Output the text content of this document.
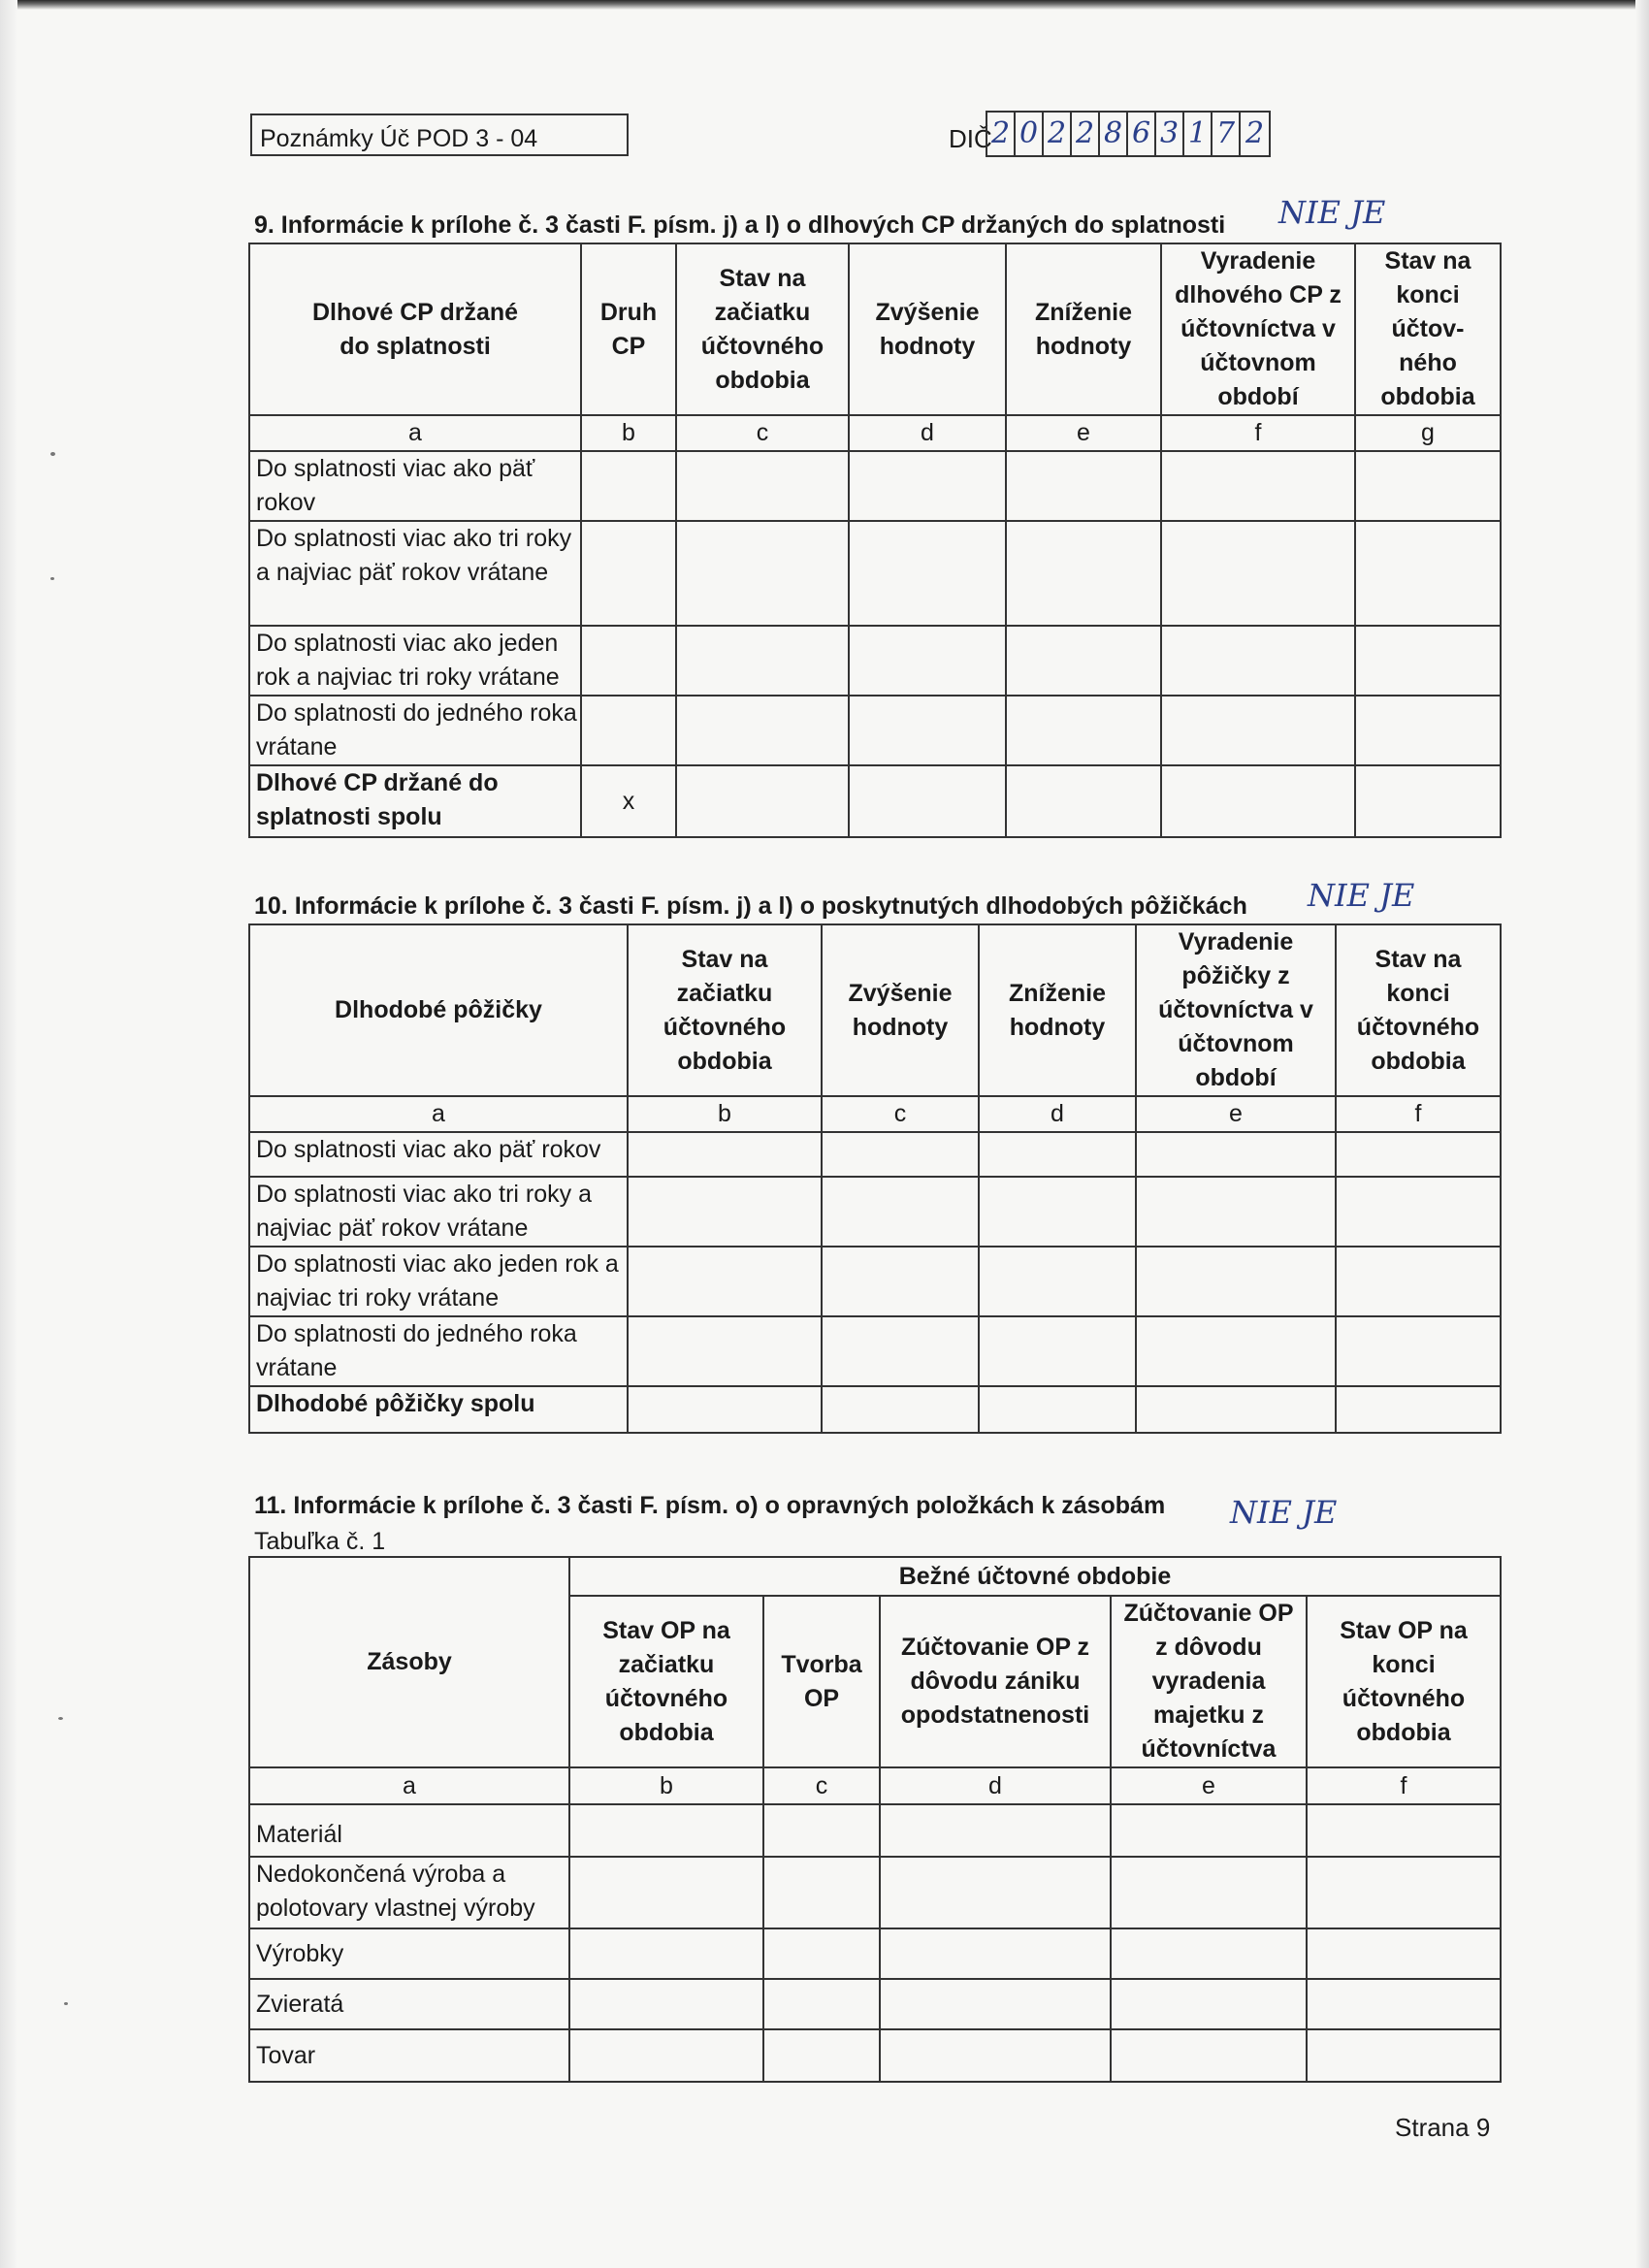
Poznámky Úč POD 3 - 04	DIČ 2 0 2 2 8 6 3 1 7 2
9. Informácie k prílohe č. 3 časti F. písm. j) a l) o dlhových CP držaných do splatnosti NIE JE
Dlhové CP držané do splatnosti	Druh CP	Stav na začiatku účtovného obdobia	Zvýšenie hodnoty	Zníženie hodnoty	Vyradenie dlhového CP z účtovníctva v účtovnom období	Stav na konci účtov-ného obdobia
a	b	c	d	e	f	g
Do splatnosti viac ako päť rokov						
Do splatnosti viac ako tri roky a najviac päť rokov vrátane						
Do splatnosti viac ako jeden rok a najviac tri roky vrátane						
Do splatnosti do jedného roka vrátane						
Dlhové CP držané do splatnosti spolu	x					
10. Informácie k prílohe č. 3 časti F. písm. j) a l) o poskytnutých dlhodobých pôžičkách NIE JE
Dlhodobé pôžičky	Stav na začiatku účtovného obdobia	Zvýšenie hodnoty	Zníženie hodnoty	Vyradenie pôžičky z účtovníctva v účtovnom období	Stav na konci účtovného obdobia
a	b	c	d	e	f
Do splatnosti viac ako päť rokov					
Do splatnosti viac ako tri roky a najviac päť rokov vrátane					
Do splatnosti viac ako jeden rok a najviac tri roky vrátane					
Do splatnosti do jedného roka vrátane					
Dlhodobé pôžičky spolu					
11. Informácie k prílohe č. 3 časti F. písm. o) o opravných položkách k zásobám NIE JE
Tabuľka č. 1
Zásoby	Bežné účtovné obdobie				
	Stav OP na začiatku účtovného obdobia	Tvorba OP	Zúčtovanie OP z dôvodu zániku opodstatnenosti	Zúčtovanie OP z dôvodu vyradenia majetku z účtovníctva	Stav OP na konci účtovného obdobia
a	b	c	d	e	f
Materiál					
Nedokončená výroba a polotovary vlastnej výroby					
Výrobky					
Zvieratá					
Tovar					
Strana 9
